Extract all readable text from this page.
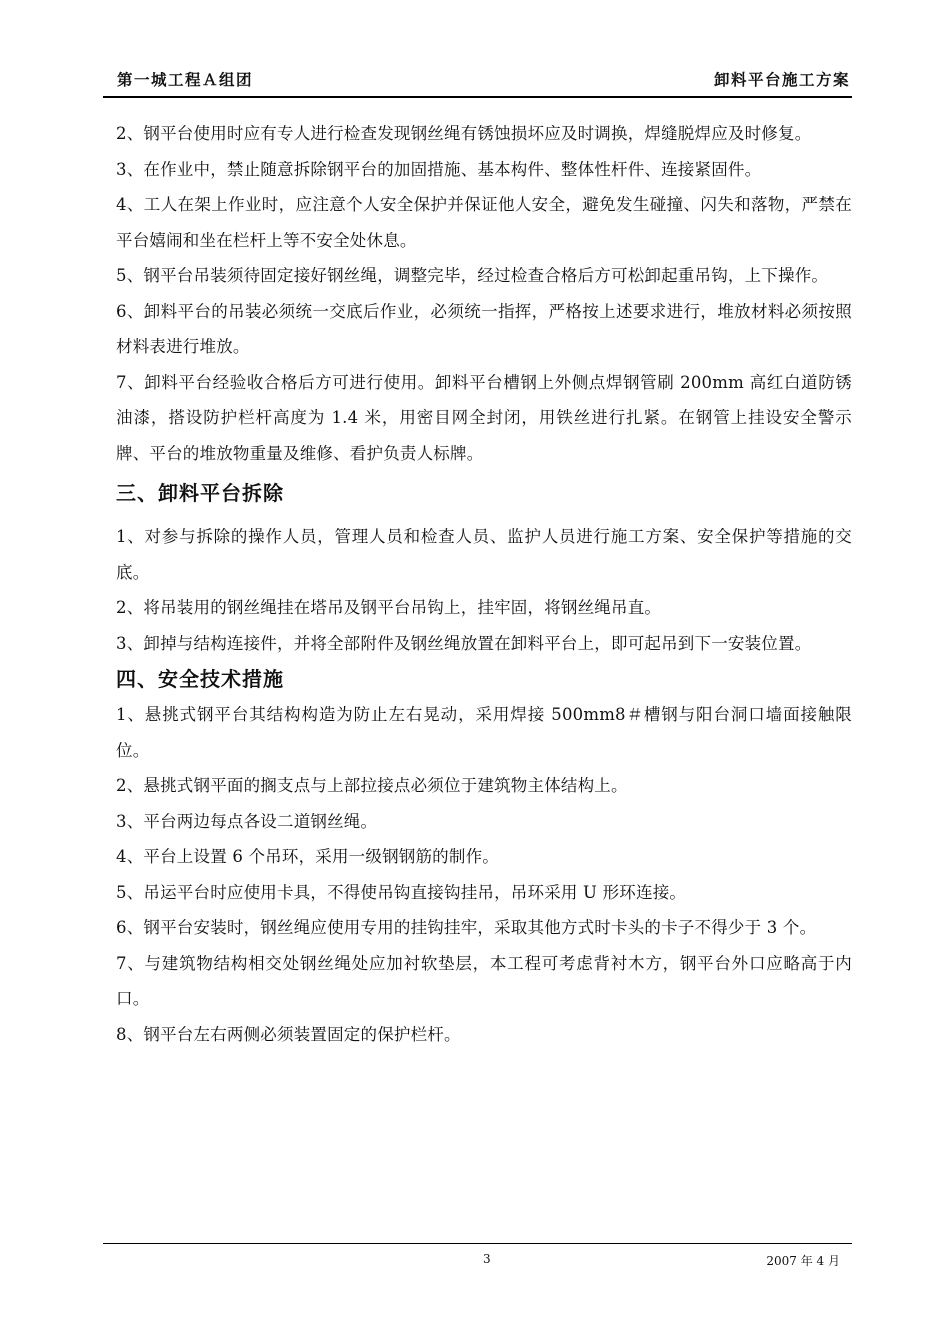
第一城工程Ａ组团	卸料平台施工方案

2、钢平台使用时应有专人进行检查发现钢丝绳有锈蚀损坏应及时调换，焊缝脱焊应及时修复。

3、在作业中，禁止随意拆除钢平台的加固措施、基本构件、整体性杆件、连接紧固件。

4、工人在架上作业时，应注意个人安全保护并保证他人安全，避免发生碰撞、闪失和落物，严禁在平台嬉闹和坐在栏杆上等不安全处休息。

5、钢平台吊装须待固定接好钢丝绳，调整完毕，经过检查合格后方可松卸起重吊钩，上下操作。

6、卸料平台的吊装必须统一交底后作业，必须统一指挥，严格按上述要求进行，堆放材料必须按照材料表进行堆放。

7、卸料平台经验收合格后方可进行使用。卸料平台槽钢上外侧点焊钢管刷 200mm 高红白道防锈油漆，搭设防护栏杆高度为 1.4 米，用密目网全封闭，用铁丝进行扎紧。在钢管上挂设安全警示牌、平台的堆放物重量及维修、看护负责人标牌。

三、卸料平台拆除

1、对参与拆除的操作人员，管理人员和检查人员、监护人员进行施工方案、安全保护等措施的交底。

2、将吊装用的钢丝绳挂在塔吊及钢平台吊钩上，挂牢固，将钢丝绳吊直。

3、卸掉与结构连接件，并将全部附件及钢丝绳放置在卸料平台上，即可起吊到下一安装位置。

四、安全技术措施

1、悬挑式钢平台其结构构造为防止左右晃动，采用焊接 500mm8＃槽钢与阳台洞口墙面接触限位。

2、悬挑式钢平面的搁支点与上部拉接点必须位于建筑物主体结构上。

3、平台两边每点各设二道钢丝绳。

4、平台上设置 6 个吊环，采用一级钢钢筋的制作。

5、吊运平台时应使用卡具，不得使吊钩直接钩挂吊，吊环采用 U 形环连接。

6、钢平台安装时，钢丝绳应使用专用的挂钩挂牢，采取其他方式时卡头的卡子不得少于 3 个。

7、与建筑物结构相交处钢丝绳处应加衬软垫层，本工程可考虑背衬木方，钢平台外口应略高于内口。

8、钢平台左右两侧必须装置固定的保护栏杆。

3	2007 年 4 月
